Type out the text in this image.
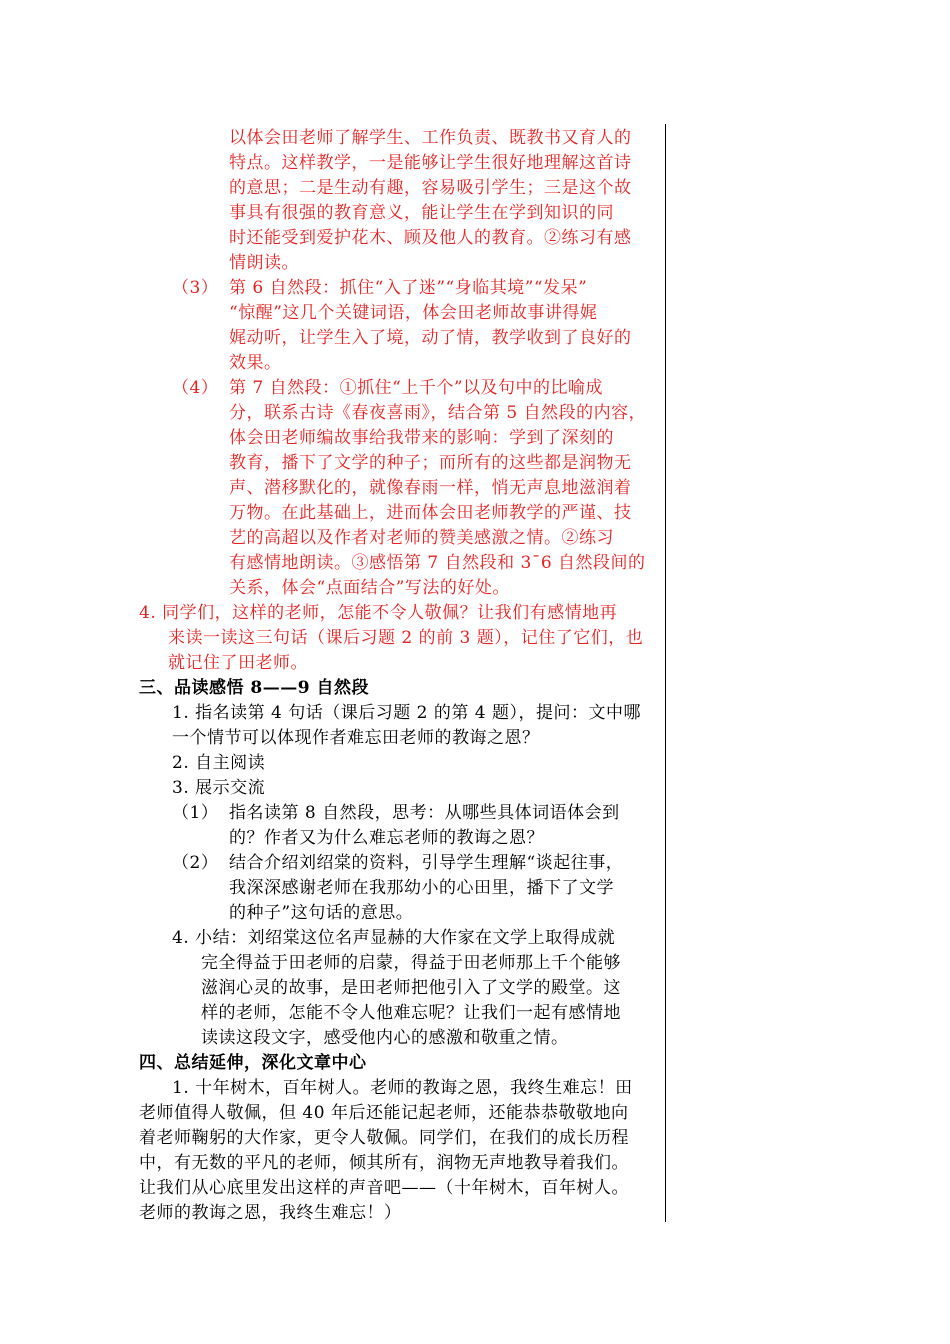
以体会田老师了解学生、工作负责、既教书又育人的
特点。这样教学，一是能够让学生很好地理解这首诗
的意思；二是生动有趣，容易吸引学生；三是这个故
事具有很强的教育意义，能让学生在学到知识的同
时还能受到爱护花木、顾及他人的教育。②练习有感
情朗读。
（3） 第 6 自然段：抓住“入了迷”“身临其境”“发呆”
“惊醒”这几个关键词语，体会田老师故事讲得娓
娓动听，让学生入了境，动了情，教学收到了良好的
效果。
（4） 第 7 自然段：①抓住“上千个”以及句中的比喻成
分，联系古诗《春夜喜雨》，结合第 5 自然段的内容，
体会田老师编故事给我带来的影响：学到了深刻的
教育，播下了文学的种子；而所有的这些都是润物无
声、潜移默化的，就像春雨一样，悄无声息地滋润着
万物。在此基础上，进而体会田老师教学的严谨、技
艺的高超以及作者对老师的赞美感激之情。②练习
有感情地朗读。③感悟第 7 自然段和 3¯6 自然段间的
关系，体会“点面结合”写法的好处。
4. 同学们，这样的老师，怎能不令人敬佩？让我们有感情地再
来读一读这三句话（课后习题 2 的前 3 题），记住了它们，也
就记住了田老师。
三、品读感悟 8——9 自然段
1. 指名读第 4 句话（课后习题 2 的第 4 题），提问：文中哪
一个情节可以体现作者难忘田老师的教诲之恩？
2. 自主阅读
3. 展示交流
（1） 指名读第 8 自然段，思考：从哪些具体词语体会到
的？作者又为什么难忘老师的教诲之恩？
（2） 结合介绍刘绍棠的资料，引导学生理解“谈起往事，
我深深感谢老师在我那幼小的心田里，播下了文学
的种子”这句话的意思。
4. 小结：刘绍棠这位名声显赫的大作家在文学上取得成就
完全得益于田老师的启蒙，得益于田老师那上千个能够
滋润心灵的故事，是田老师把他引入了文学的殿堂。这
样的老师，怎能不令人他难忘呢？让我们一起有感情地
读读这段文字，感受他内心的感激和敬重之情。
四、总结延伸，深化文章中心
1. 十年树木，百年树人。老师的教诲之恩，我终生难忘！田
老师值得人敬佩，但 40 年后还能记起老师，还能恭恭敬敬地向
着老师鞠躬的大作家，更令人敬佩。同学们，在我们的成长历程
中，有无数的平凡的老师，倾其所有，润物无声地教导着我们。
让我们从心底里发出这样的声音吧——（十年树木，百年树人。
老师的教诲之恩，我终生难忘！）
